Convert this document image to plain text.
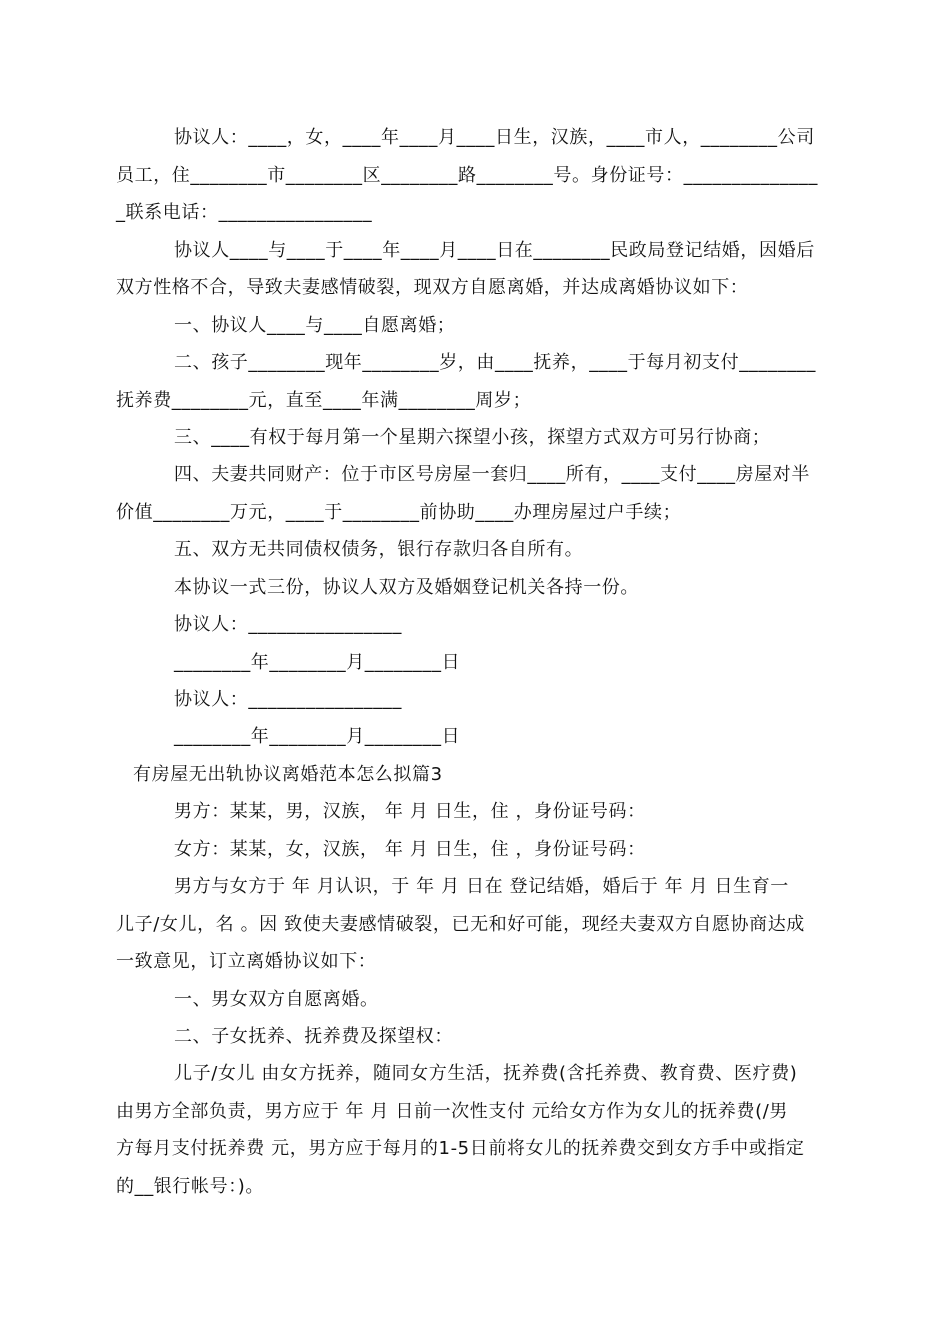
协议人：____，女，____年____月____日生，汉族，____市人，________公司
员工，住________市________区________路________号。身份证号：______________
_联系电话：________________
协议人____与____于____年____月____日在________民政局登记结婚，因婚后
双方性格不合，导致夫妻感情破裂，现双方自愿离婚，并达成离婚协议如下：
一、协议人____与____自愿离婚；
二、孩子________现年________岁，由____抚养，____于每月初支付________
抚养费________元，直至____年满________周岁；
三、____有权于每月第一个星期六探望小孩，探望方式双方可另行协商；
四、夫妻共同财产：位于市区号房屋一套归____所有，____支付____房屋对半
价值________万元，____于________前协助____办理房屋过户手续；
五、双方无共同债权债务，银行存款归各自所有。
本协议一式三份，协议人双方及婚姻登记机关各持一份。
协议人：________________
________年________月________日
协议人：________________
________年________月________日
有房屋无出轨协议离婚范本怎么拟篇3
男方：某某，男，汉族， 年 月 日生，住 ，身份证号码：
女方：某某，女，汉族， 年 月 日生，住 ，身份证号码：
男方与女方于 年 月认识，于 年 月 日在 登记结婚，婚后于 年 月 日生育一
儿子/女儿，名 。因 致使夫妻感情破裂，已无和好可能，现经夫妻双方自愿协商达成
一致意见，订立离婚协议如下：
一、男女双方自愿离婚。
二、子女抚养、抚养费及探望权：
儿子/女儿 由女方抚养，随同女方生活，抚养费(含托养费、教育费、医疗费)
由男方全部负责，男方应于 年 月 日前一次性支付 元给女方作为女儿的抚养费(/男
方每月支付抚养费 元，男方应于每月的1-5日前将女儿的抚养费交到女方手中或指定
的__银行帐号：)。
